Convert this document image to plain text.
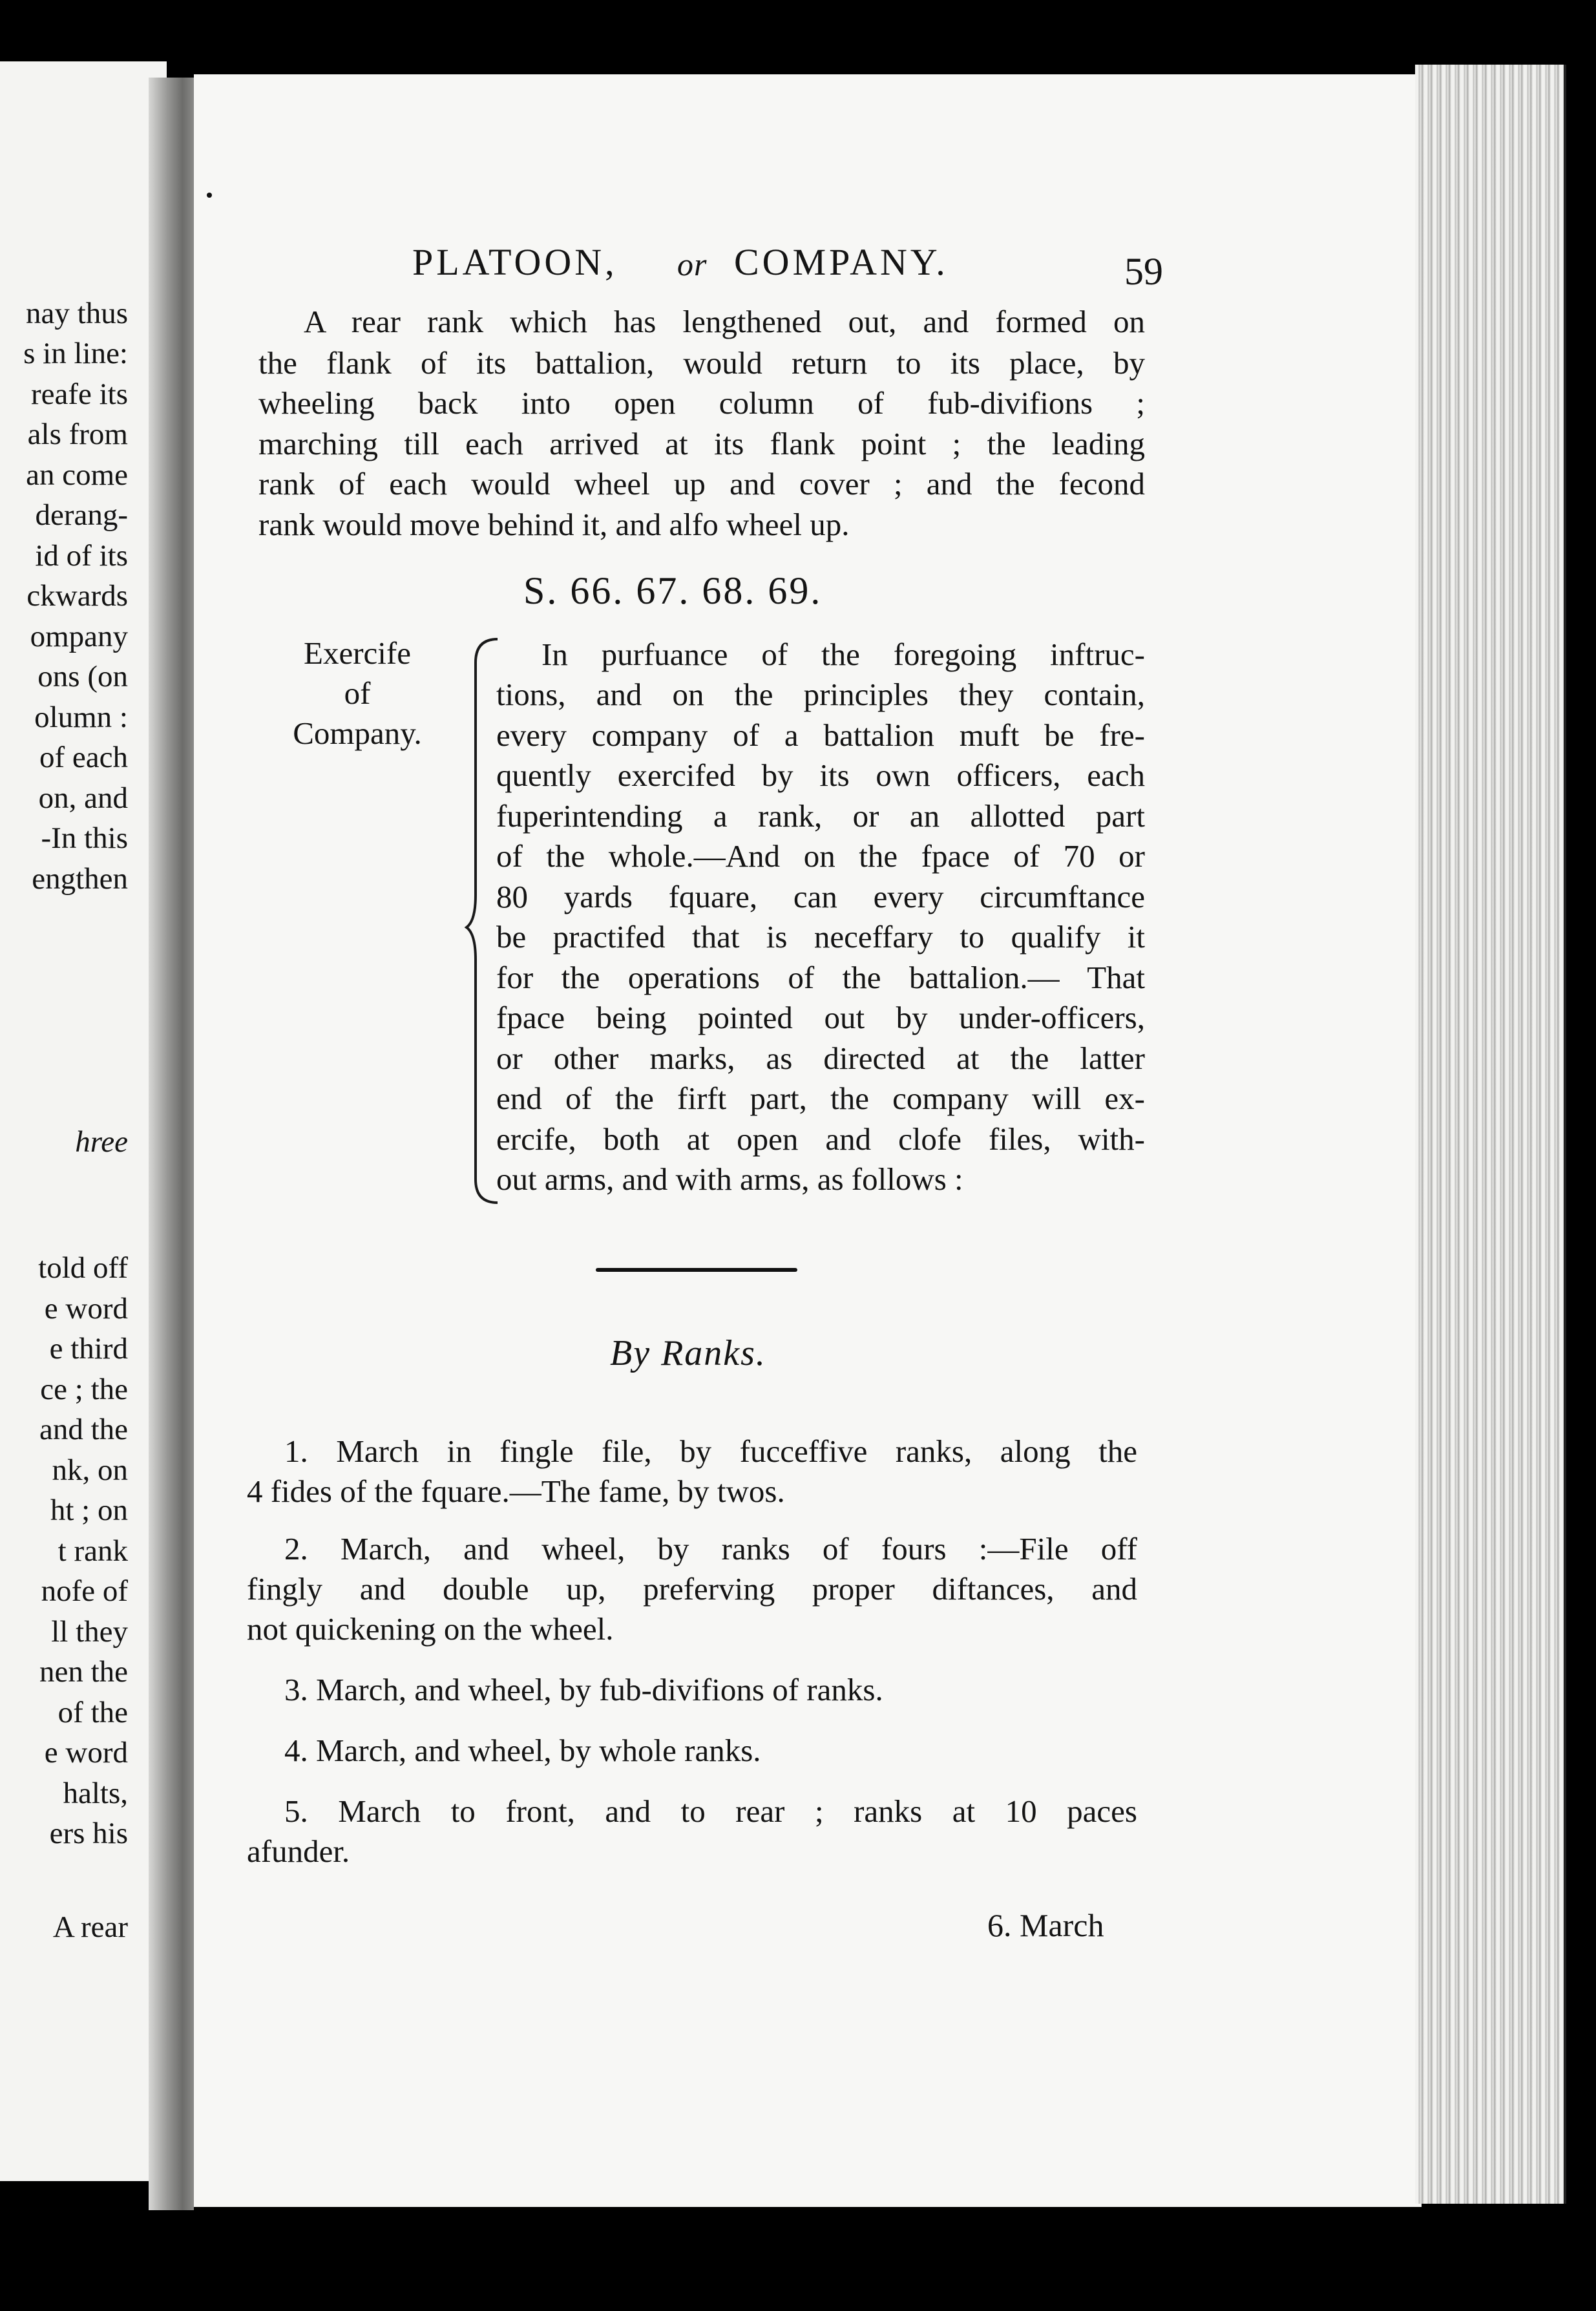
nay thus
s in line:
reafe its
als from
an come
derang-
id of its
ckwards
ompany
ons (on
olumn :
of each
on, and
-In this
engthen
hree
told off
e word
e third
ce ; the
and the
nk, on
ht ; on
t rank
nofe of
ll they
nen the
of the
e word
halts,
ers his
A rear
PLATOON, or COMPANY.	59
A rear rank which has lengthened out, and formed on
the flank of its battalion, would return to its place, by
wheeling back into open column of fub-divifions ;
marching till each arrived at its flank point ; the leading
rank of each would wheel up and cover ; and the fecond
rank would move behind it, and alfo wheel up.
S. 66. 67. 68. 69.
Exercife
of
Company.
In purfuance of the foregoing inftruc-
tions, and on the principles they contain,
every company of a battalion muft be fre-
quently exercifed by its own officers, each
fuperintending a rank, or an allotted part
of the whole.—And on the fpace of 70 or
80 yards fquare, can every circumftance
be practifed that is neceffary to qualify it
for the operations of the battalion.— That
fpace being pointed out by under-officers,
or other marks, as directed at the latter
end of the firft part, the company will ex-
ercife, both at open and clofe files, with-
out arms, and with arms, as follows :
By Ranks.
1. March in fingle file, by fucceffive ranks, along the
4 fides of the fquare.—The fame, by twos.
2. March, and wheel, by ranks of fours :—File off
fingly and double up, preferving proper diftances, and
not quickening on the wheel.
3. March, and wheel, by fub-divifions of ranks.
4. March, and wheel, by whole ranks.
5. March to front, and to rear ; ranks at 10 paces
afunder.
6. March
